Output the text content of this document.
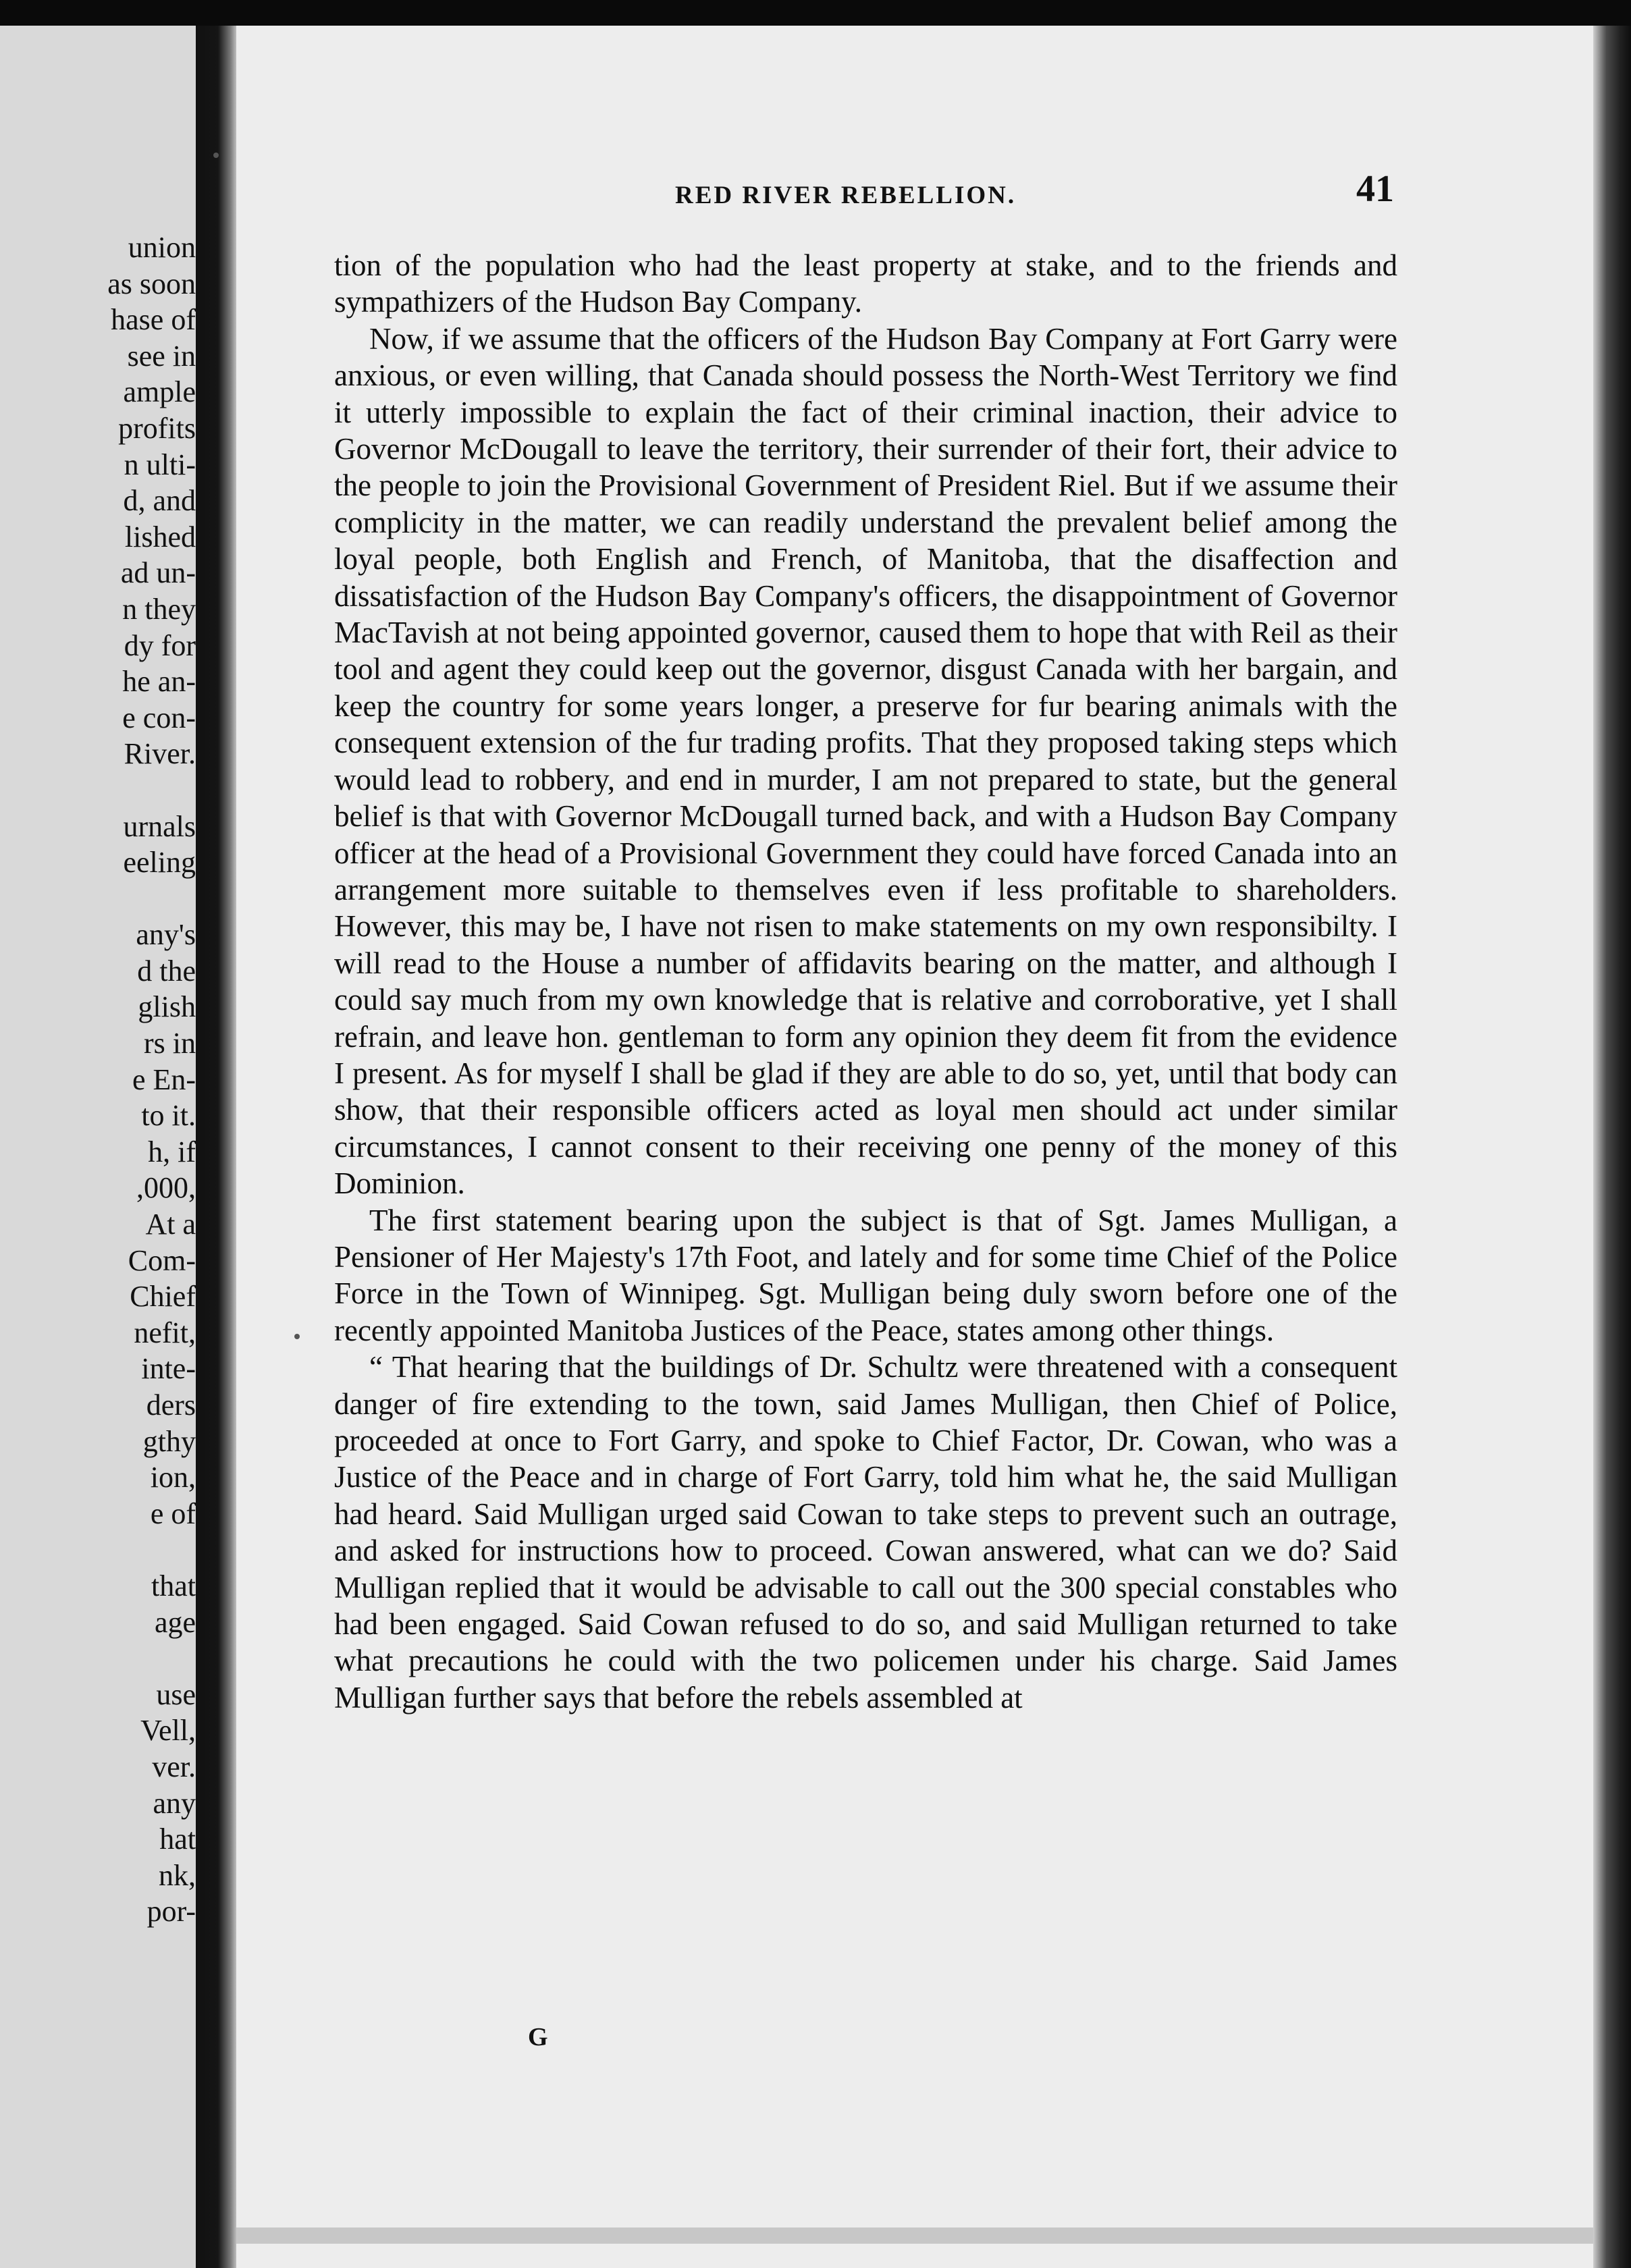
union
as soon
hase of
see in
ample
profits
n ulti-
d, and
lished
ad un-
n they
dy for
he an-
e con-
River.
urnals
eeling
any's
d the
glish
rs in
e En-
to it.
h, if
,000,
At a
Com-
Chief
nefit,
inte-
ders
gthy
ion,
e of
that
age
use
Vell,
ver.
any
hat
nk,
por-
RED RIVER REBELLION.	41

tion of the population who had the least property at stake, and to the friends and sympathizers of the Hudson Bay Company.

Now, if we assume that the officers of the Hudson Bay Company at Fort Garry were anxious, or even willing, that Canada should possess the North-West Territory we find it utterly impossible to explain the fact of their criminal inaction, their advice to Governor McDougall to leave the territory, their surrender of their fort, their advice to the people to join the Provisional Government of President Riel. But if we assume their complicity in the matter, we can readily understand the prevalent belief among the loyal people, both English and French, of Manitoba, that the disaffection and dissatisfaction of the Hudson Bay Company's officers, the disappointment of Governor MacTavish at not being appointed governor, caused them to hope that with Reil as their tool and agent they could keep out the governor, disgust Canada with her bargain, and keep the country for some years longer, a preserve for fur bearing animals with the consequent extension of the fur trading profits. That they proposed taking steps which would lead to robbery, and end in murder, I am not prepared to state, but the general belief is that with Governor McDougall turned back, and with a Hudson Bay Company officer at the head of a Provisional Government they could have forced Canada into an arrangement more suitable to themselves even if less profitable to shareholders. However, this may be, I have not risen to make statements on my own responsibilty. I will read to the House a number of affidavits bearing on the matter, and although I could say much from my own knowledge that is relative and corroborative, yet I shall refrain, and leave hon. gentleman to form any opinion they deem fit from the evidence I present. As for myself I shall be glad if they are able to do so, yet, until that body can show, that their responsible officers acted as loyal men should act under similar circumstances, I cannot consent to their receiving one penny of the money of this Dominion.

The first statement bearing upon the subject is that of Sgt. James Mulligan, a Pensioner of Her Majesty's 17th Foot, and lately and for some time Chief of the Police Force in the Town of Winnipeg. Sgt. Mulligan being duly sworn before one of the recently appointed Manitoba Justices of the Peace, states among other things.

“ That hearing that the buildings of Dr. Schultz were threatened with a consequent danger of fire extending to the town, said James Mulligan, then Chief of Police, proceeded at once to Fort Garry, and spoke to Chief Factor, Dr. Cowan, who was a Justice of the Peace and in charge of Fort Garry, told him what he, the said Mulligan had heard. Said Mulligan urged said Cowan to take steps to prevent such an outrage, and asked for instructions how to proceed. Cowan answered, what can we do? Said Mulligan replied that it would be advisable to call out the 300 special constables who had been engaged. Said Cowan refused to do so, and said Mulligan returned to take what precautions he could with the two policemen under his charge. Said James Mulligan further says that before the rebels assembled at

G
